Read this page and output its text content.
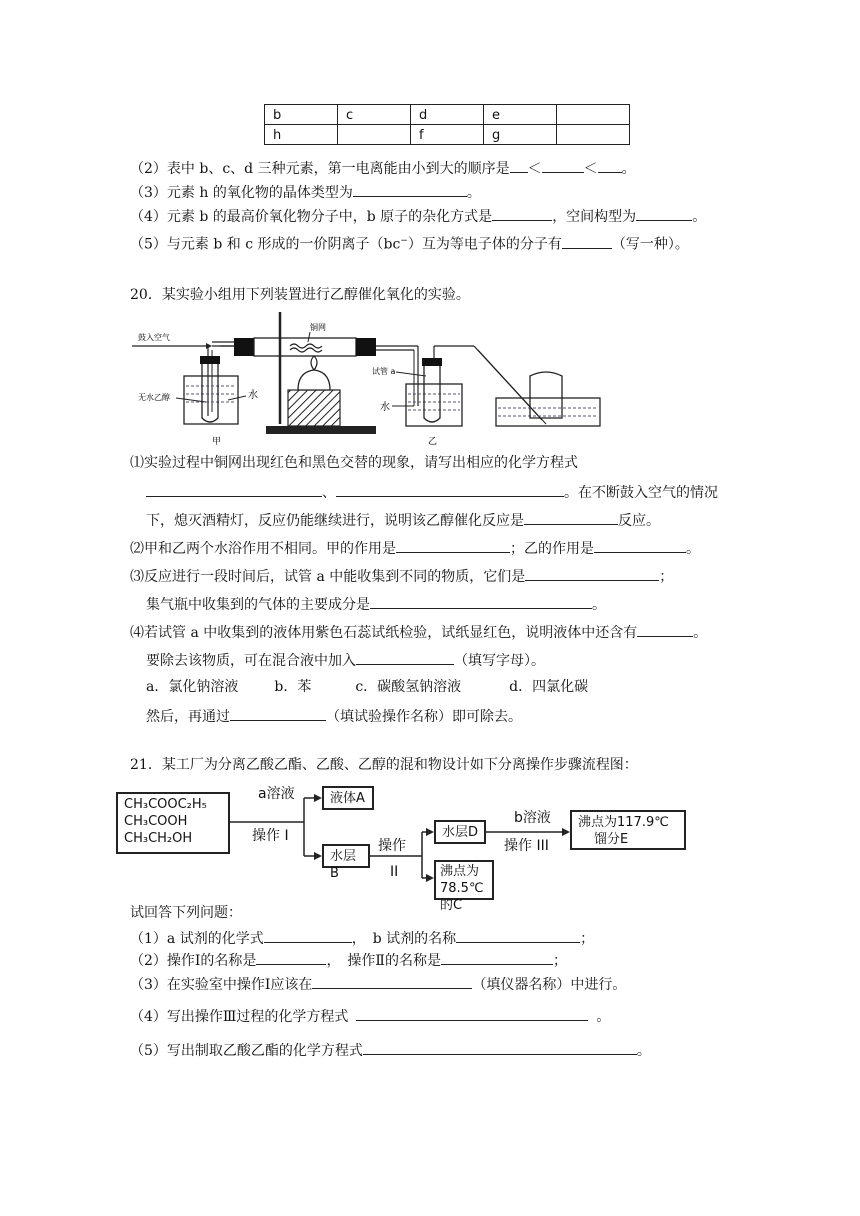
b	c	d	e	
h		f	g	
（2）表中 b、c、d 三种元素，第一电离能由小到大的顺序是 ＜	＜ 。
（3）元素 h 的氧化物的晶体类型为	。
（4）元素 b 的最高价氧化物分子中，b 原子的杂化方式是	，空间构型为	。
（5）与元素 b 和 c 形成的一价阴离子（bc−）互为等电子体的分子有	（写一种）。
20．某实验小组用下列装置进行乙醇催化氧化的实验。
鼓入空气
无水乙醇	水
甲
铜网
试管 a
水
乙
⑴实验过程中铜网出现红色和黑色交替的现象，请写出相应的化学方程式
、	。在不断鼓入空气的情况
下，熄灭酒精灯，反应仍能继续进行，说明该乙醇催化反应是	反应。
⑵甲和乙两个水浴作用不相同。甲的作用是	；乙的作用是	。
⑶反应进行一段时间后，试管 a 中能收集到不同的物质，它们是	；
集气瓶中收集到的气体的主要成分是	。
⑷若试管 a 中收集到的液体用紫色石蕊试纸检验，试纸显红色，说明液体中还含有	。
要除去该物质，可在混合液中加入	（填写字母）。
a．氯化钠溶液	b．苯	c．碳酸氢钠溶液	d．四氯化碳
然后，再通过	（填试验操作名称）即可除去。
21．某工厂为分离乙酸乙酯、乙酸、乙醇的混和物设计如下分离操作步骤流程图：
CH₃COOC₂H₅
CH₃COOH
CH₃CH₂OH
a溶液
操作 I
液体A
水层B
操作
II
水层D
沸点为
78.5℃的C
b溶液
操作 III
沸点为117.9℃
馏分E
试回答下列问题：
（1）a 试剂的化学式	，　b 试剂的名称	；
（2）操作Ⅰ的名称是	，　操作Ⅱ的名称是	；
（3）在实验室中操作Ⅰ应该在	（填仪器名称）中进行。
（4）写出操作Ⅲ过程的化学方程式	。
（5）写出制取乙酸乙酯的化学方程式	。
